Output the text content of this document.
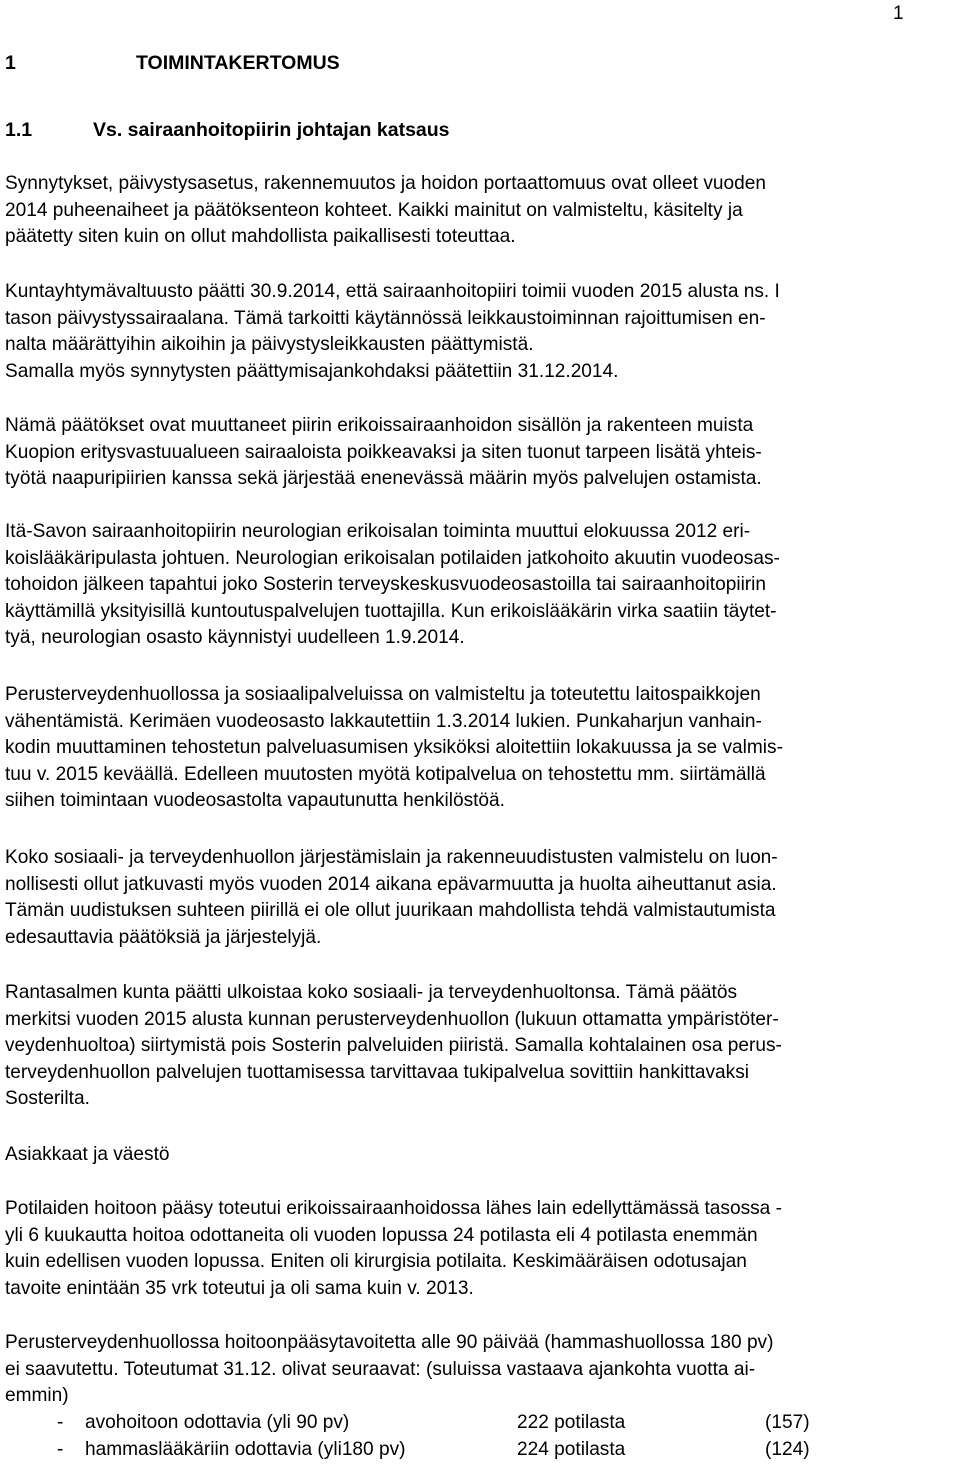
1
1	TOIMINTAKERTOMUS
1.1	Vs. sairaanhoitopiirin johtajan katsaus
Synnytykset, päivystysasetus, rakennemuutos ja hoidon portaattomuus ovat olleet vuoden
2014 puheenaiheet ja päätöksenteon kohteet. Kaikki mainitut on valmisteltu, käsitelty ja
päätetty siten kuin on ollut mahdollista paikallisesti toteuttaa.
Kuntayhtymävaltuusto päätti 30.9.2014, että sairaanhoitopiiri toimii vuoden 2015 alusta ns. I
tason päivystyssairaalana. Tämä tarkoitti käytännössä leikkaustoiminnan rajoittumisen en-
nalta määrättyihin aikoihin ja päivystysleikkausten päättymistä.
Samalla myös synnytysten päättymisajankohdaksi päätettiin 31.12.2014.
Nämä päätökset ovat muuttaneet piirin erikoissairaanhoidon sisällön ja rakenteen muista
Kuopion eritysvastuualueen sairaaloista poikkeavaksi ja siten tuonut tarpeen lisätä yhteis-
työtä naapuripiirien kanssa sekä järjestää enenevässä määrin myös palvelujen ostamista.
Itä-Savon sairaanhoitopiirin neurologian erikoisalan toiminta muuttui elokuussa 2012 eri-
koislääkäripulasta johtuen. Neurologian erikoisalan potilaiden jatkohoito akuutin vuodeosas-
tohoidon jälkeen tapahtui joko Sosterin terveyskeskusvuodeosastoilla tai sairaanhoitopiirin
käyttämillä yksityisillä kuntoutuspalvelujen tuottajilla. Kun erikoislääkärin virka saatiin täytet-
tyä, neurologian osasto käynnistyi uudelleen 1.9.2014.
Perusterveydenhuollossa ja sosiaalipalveluissa on valmisteltu ja toteutettu laitospaikkojen
vähentämistä. Kerimäen vuodeosasto lakkautettiin 1.3.2014 lukien. Punkaharjun vanhain-
kodin muuttaminen tehostetun palveluasumisen yksiköksi aloitettiin lokakuussa ja se valmis-
tuu v. 2015 keväällä. Edelleen muutosten myötä kotipalvelua on tehostettu mm. siirtämällä
siihen toimintaan vuodeosastolta vapautunutta henkilöstöä.
Koko sosiaali- ja terveydenhuollon järjestämislain ja rakenneuudistusten valmistelu on luon-
nollisesti ollut jatkuvasti myös vuoden 2014 aikana epävarmuutta ja huolta aiheuttanut asia.
Tämän uudistuksen suhteen piirillä ei ole ollut juurikaan mahdollista tehdä valmistautumista
edesauttavia päätöksiä ja järjestelyjä.
Rantasalmen kunta päätti ulkoistaa koko sosiaali- ja terveydenhuoltonsa. Tämä päätös
merkitsi vuoden 2015 alusta kunnan perusterveydenhuollon (lukuun ottamatta ympäristöter-
veydenhuoltoa) siirtymistä pois Sosterin palveluiden piiristä. Samalla kohtalainen osa perus-
terveydenhuollon palvelujen tuottamisessa tarvittavaa tukipalvelua sovittiin hankittavaksi
Sosterilta.
Asiakkaat ja väestö
Potilaiden hoitoon pääsy toteutui erikoissairaanhoidossa lähes lain edellyttämässä tasossa -
yli 6 kuukautta hoitoa odottaneita oli vuoden lopussa 24 potilasta eli 4 potilasta enemmän
kuin edellisen vuoden lopussa. Eniten oli kirurgisia potilaita. Keskimääräisen odotusajan
tavoite enintään 35 vrk toteutui ja oli sama kuin v. 2013.
Perusterveydenhuollossa hoitoonpääsytavoitetta alle 90 päivää (hammashuollossa 180 pv)
ei saavutettu. Toteutumat 31.12. olivat seuraavat: (suluissa vastaava ajankohta vuotta ai-
emmin)
- avohoitoon odottavia (yli 90 pv)	222 potilasta	(157)
- hammaslääkäriin odottavia (yli180 pv)	224 potilasta	(124)
